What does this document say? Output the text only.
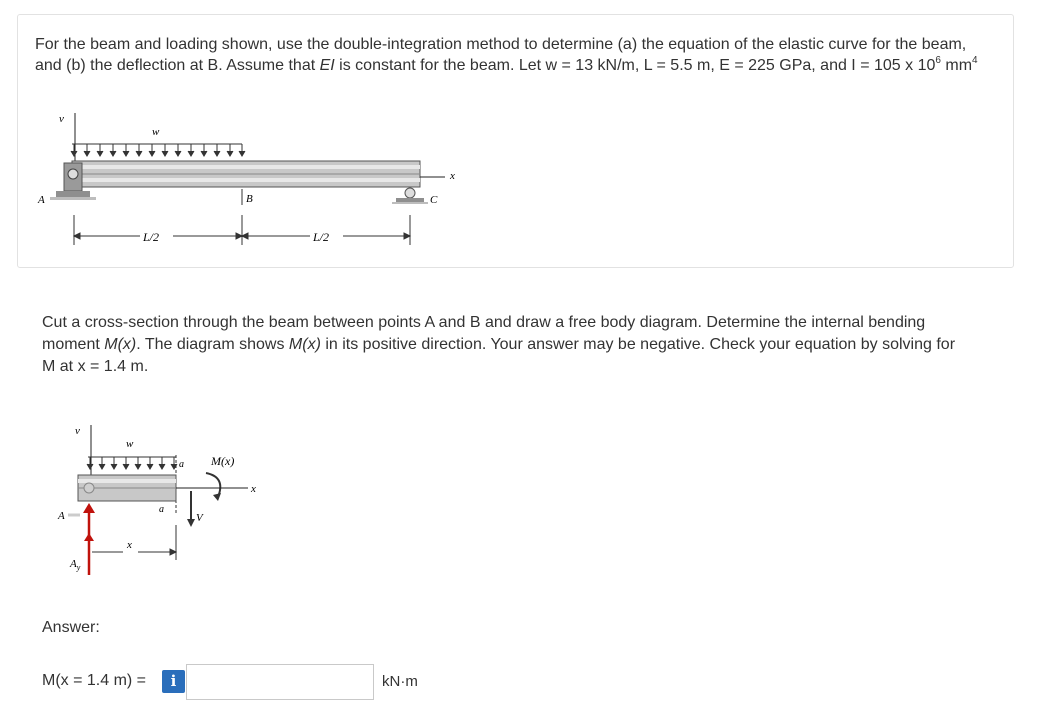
For the beam and loading shown, use the double-integration method to determine (a) the equation of the elastic curve for the beam,
and (b) the deflection at B. Assume that EI is constant for the beam. Let w = 13 kN/m, L = 5.5 m, E = 225 GPa, and I = 105 x $10^6$ $mm^4$
v
w
x
A	C
B
L/2	L/2
Cut a cross-section through the beam between points A and B and draw a free body diagram. Determine the internal bending
moment M(x). The diagram shows M(x) in its positive direction. Your answer may be negative. Check your equation by solving for
M at x = 1.4 m.
v
w
a
a
M(x)
x
V
A
$A_y$
x
Answer:
M(x = 1.4 m) =	i	kN·m
